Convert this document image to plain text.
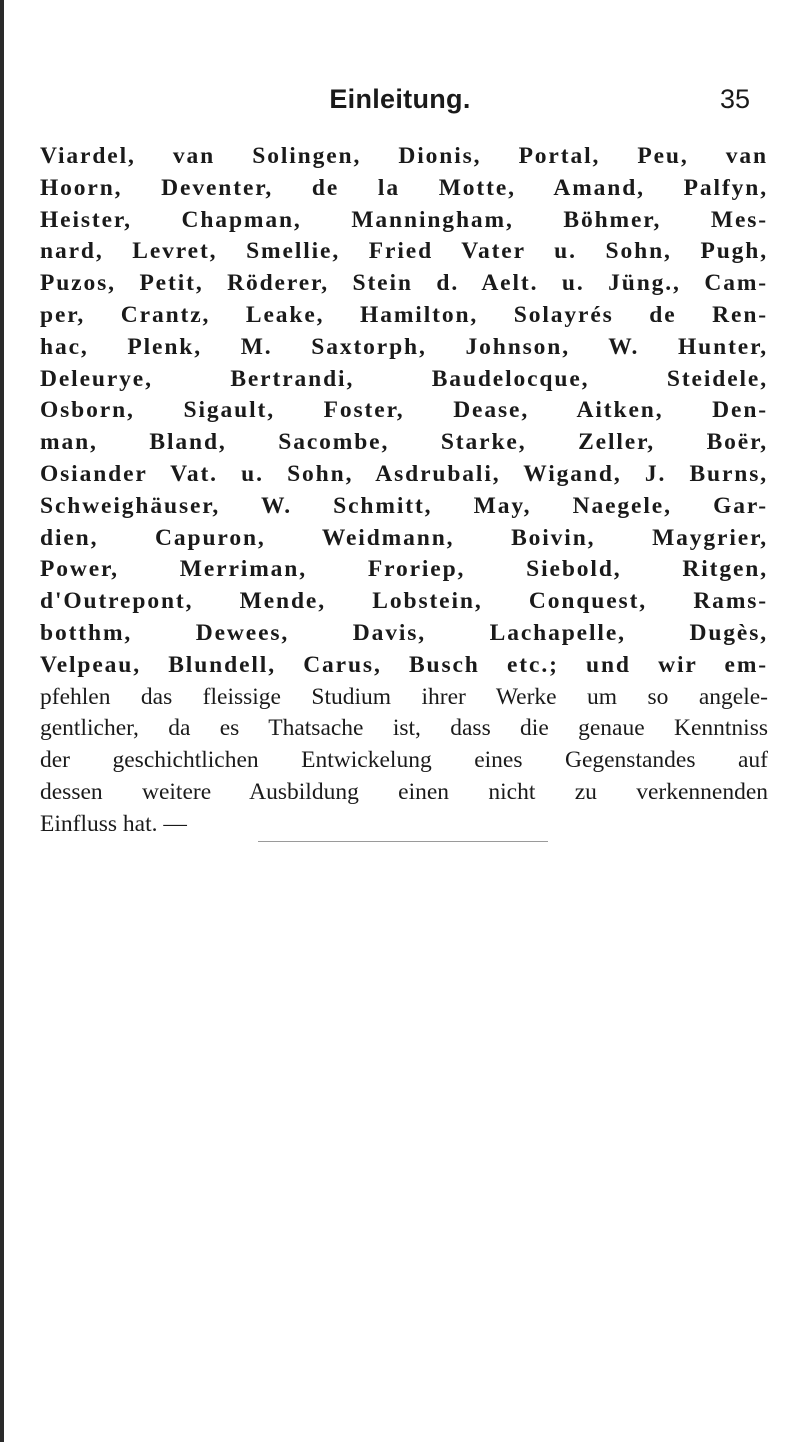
Einleitung.	35
Viardel, van Solingen, Dionis, Portal, Peu, van
Hoorn, Deventer, de la Motte, Amand, Palfyn,
Heister, Chapman, Manningham, Böhmer, Mes-
nard, Levret, Smellie, Fried Vater u. Sohn, Pugh,
Puzos, Petit, Röderer, Stein d. Aelt. u. Jüng., Cam-
per, Crantz, Leake, Hamilton, Solayrés de Ren-
hac, Plenk, M. Saxtorph, Johnson, W. Hunter,
Deleurye, Bertrandi, Baudelocque, Steidele,
Osborn, Sigault, Foster, Dease, Aitken, Den-
man, Bland, Sacombe, Starke, Zeller, Boër,
Osiander Vat. u. Sohn, Asdrubali, Wigand, J. Burns,
Schweighäuser, W. Schmitt, May, Naegele, Gar-
dien, Capuron, Weidmann, Boivin, Maygrier,
Power, Merriman, Froriep, Siebold, Ritgen,
d'Outrepont, Mende, Lobstein, Conquest, Rams-
botthm, Dewees, Davis, Lachapelle, Dugès,
Velpeau, Blundell, Carus, Busch etc.; und wir em-
pfehlen das fleissige Studium ihrer Werke um so angele-
gentlicher, da es Thatsache ist, dass die genaue Kenntniss
der geschichtlichen Entwickelung eines Gegenstandes auf
dessen weitere Ausbildung einen nicht zu verkennenden
Einfluss hat. —
